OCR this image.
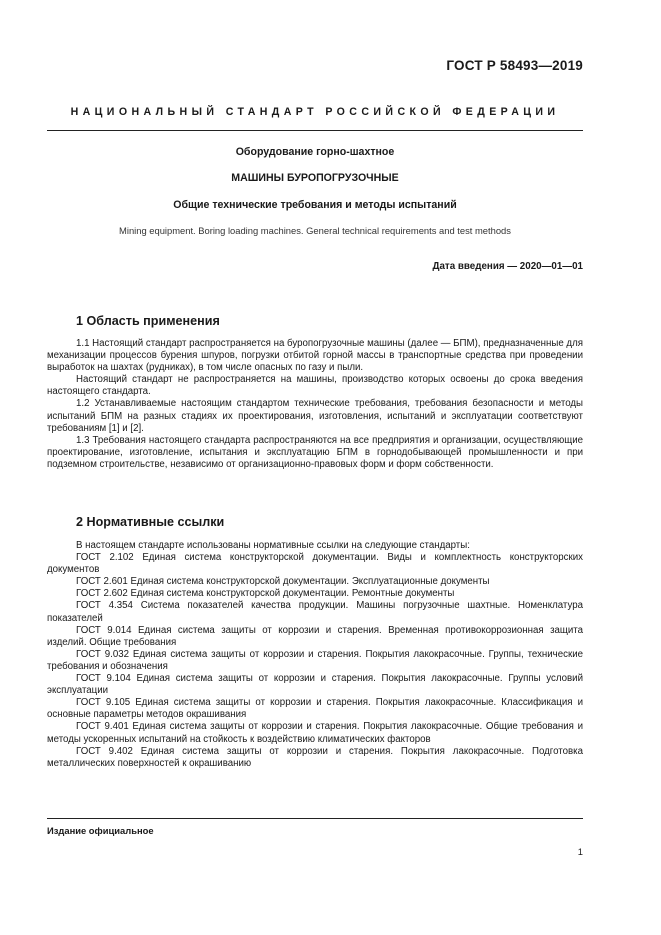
ГОСТ Р 58493—2019
НАЦИОНАЛЬНЫЙ СТАНДАРТ РОССИЙСКОЙ ФЕДЕРАЦИИ
Оборудование горно-шахтное
МАШИНЫ БУРОПОГРУЗОЧНЫЕ
Общие технические требования и методы испытаний
Mining equipment. Boring loading machines. General technical requirements and test methods
Дата введения — 2020—01—01
1 Область применения

1.1 Настоящий стандарт распространяется на буропогрузочные машины (далее — БПМ), предназначенные для механизации процессов бурения шпуров, погрузки отбитой горной массы в транспортные средства при проведении выработок на шахтах (рудниках), в том числе опасных по газу и пыли.

Настоящий стандарт не распространяется на машины, производство которых освоены до срока введения настоящего стандарта.

1.2 Устанавливаемые настоящим стандартом технические требования, требования безопасности и методы испытаний БПМ на разных стадиях их проектирования, изготовления, испытаний и эксплуатации соответствуют требованиям [1] и [2].

1.3 Требования настоящего стандарта распространяются на все предприятия и организации, осуществляющие проектирование, изготовление, испытания и эксплуатацию БПМ в горнодобывающей промышленности и при подземном строительстве, независимо от организационно-правовых форм и форм собственности.

2 Нормативные ссылки

В настоящем стандарте использованы нормативные ссылки на следующие стандарты:

ГОСТ 2.102 Единая система конструкторской документации. Виды и комплектность конструкторских документов

ГОСТ 2.601 Единая система конструкторской документации. Эксплуатационные документы

ГОСТ 2.602 Единая система конструкторской документации. Ремонтные документы

ГОСТ 4.354 Система показателей качества продукции. Машины погрузочные шахтные. Номенклатура показателей

ГОСТ 9.014 Единая система защиты от коррозии и старения. Временная противокоррозионная защита изделий. Общие требования

ГОСТ 9.032 Единая система защиты от коррозии и старения. Покрытия лакокрасочные. Группы, технические требования и обозначения

ГОСТ 9.104 Единая система защиты от коррозии и старения. Покрытия лакокрасочные. Группы условий эксплуатации

ГОСТ 9.105 Единая система защиты от коррозии и старения. Покрытия лакокрасочные. Классификация и основные параметры методов окрашивания

ГОСТ 9.401 Единая система защиты от коррозии и старения. Покрытия лакокрасочные. Общие требования и методы ускоренных испытаний на стойкость к воздействию климатических факторов

ГОСТ 9.402 Единая система защиты от коррозии и старения. Покрытия лакокрасочные. Подготовка металлических поверхностей к окрашиванию

Издание официальное
1
